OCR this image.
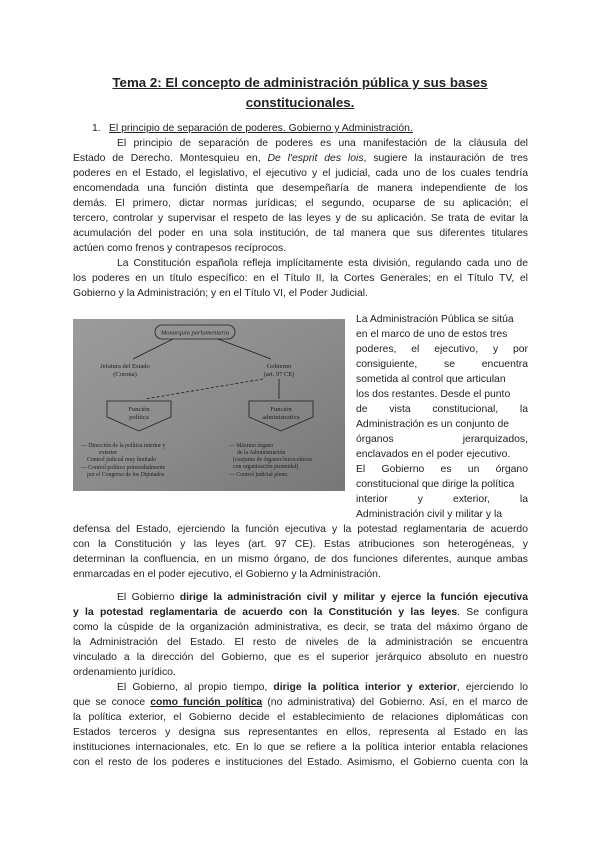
Tema 2: El concepto de administración pública y sus bases
constitucionales.
1. El principio de separación de poderes. Gobierno y Administración.
El principio de separación de poderes es una manifestación de la cláusula del
Estado de Derecho. Montesquieu en, De l'esprit des lois, sugiere la instauración de tres
poderes en el Estado, el legislativo, el ejecutivo y el judicial, cada uno de los cuales tendría
encomendada una función distinta que desempeñaría de manera independiente de los
demás. El primero, dictar normas jurídicas; el segundo, ocuparse de su aplicación; el
tercero, controlar y supervisar el respeto de las leyes y de su aplicación. Se trata de evitar la
acumulación del poder en una sola institución, de tal manera que sus diferentes titulares
actúen como frenos y contrapesos recíprocos.
La Constitución española refleja implícitamente esta división, regulando cada uno de
los poderes en un título específico: en el Título II, la Cortes Generales; en el Título TV, el
Gobierno y la Administración; y en el Título VI, el Poder Judicial.
Monarquía parlamentaria
Jefatura del Estado
(Corona)
Gobierno
(art. 97 CE)
Función
política
Función
administrativa
— Dirección de la política interior y
exterior
Control judicial muy limitado
— Control político primordialmente
por el Congreso de los Diputados
— Máximo órgano
de la Administración
(conjunto de órganos burocráticos
con organización piramidal)
— Control judicial pleno.
La Administración Pública se sitúa
en el marco de uno de estos tres
poderes, el ejecutivo, y por
consiguiente, se encuentra
sometida al control que articulan
los dos restantes. Desde el punto
de vista constitucional, la
Administración es un conjunto de
órganos jerarquizados,
enclavados en el poder ejecutivo.
El Gobierno es un órgano
constitucional que dirige la política
interior y exterior, la
Administración civil y militar y la
defensa del Estado, ejerciendo la función ejecutiva y la potestad reglamentaria de acuerdo
con la Constitución y las leyes (art. 97 CE). Estas atribuciones son heterogéneas, y
determinan la confluencia, en un mismo órgano, de dos funciones diferentes, aunque ambas
enmarcadas en el poder ejecutivo, el Gobierno y la Administración.
El Gobierno dirige la administración civil y militar y ejerce la función ejecutiva
y la potestad reglamentaria de acuerdo con la Constitución y las leyes. Se configura
como la cúspide de la organización administrativa, es decir, se trata del máximo órgano de
la Administración del Estado. El resto de niveles de la administración se encuentra
vinculado a la dirección del Gobierno, que es el superior jerárquico absoluto en nuestro
ordenamiento jurídico.
El Gobierno, al propio tiempo, dirige la política interior y exterior, ejerciendo lo
que se conoce como función política (no administrativa) del Gobierno. Así, en el marco de
la política exterior, el Gobierno decide el establecimiento de relaciones diplomáticas con
Estados terceros y designa sus representantes en ellos, representa al Estado en las
instituciones internacionales, etc. En lo que se refiere a la política interior entabla relaciones
con el resto de los poderes e instituciones del Estado. Asimismo, el Gobierno cuenta con la
